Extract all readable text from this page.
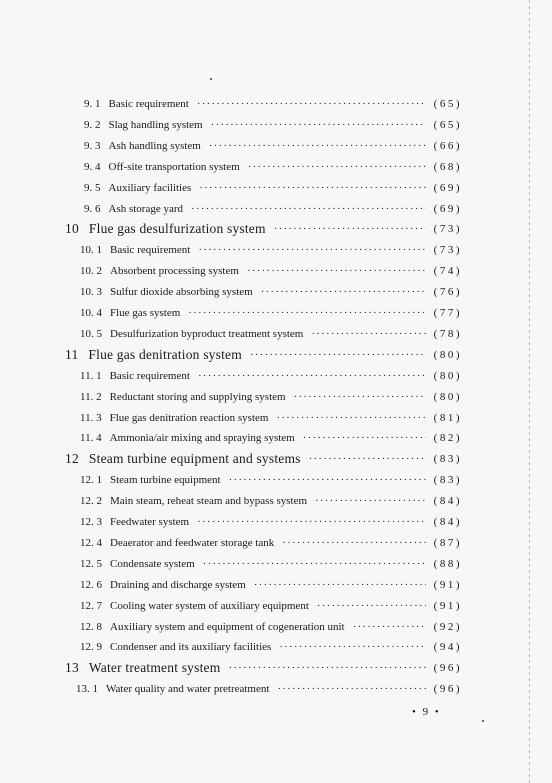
9. 1 Basic requirement ·····	(65)
9. 2 Slag handling system ·····	(65)
9. 3 Ash handling system ·····	(66)
9. 4 Off-site transportation system ·····	(68)
9. 5 Auxiliary facilities ·····	(69)
9. 6 Ash storage yard ·····	(69)
10 Flue gas desulfurization system ·····	(73)
10. 1 Basic requirement ·····	(73)
10. 2 Absorbent processing system ·····	(74)
10. 3 Sulfur dioxide absorbing system ·····	(76)
10. 4 Flue gas system ·····	(77)
10. 5 Desulfurization byproduct treatment system ·····	(78)
11 Flue gas denitration system ·····	(80)
11. 1 Basic requirement ·····	(80)
11. 2 Reductant storing and supplying system ·····	(80)
11. 3 Flue gas denitration reaction system ·····	(81)
11. 4 Ammonia/air mixing and spraying system ·····	(82)
12 Steam turbine equipment and systems ·····	(83)
12. 1 Steam turbine equipment ·····	(83)
12. 2 Main steam, reheat steam and bypass system ·····	(84)
12. 3 Feedwater system ·····	(84)
12. 4 Deaerator and feedwater storage tank ·····	(87)
12. 5 Condensate system ·····	(88)
12. 6 Draining and discharge system ·····	(91)
12. 7 Cooling water system of auxiliary equipment ·····	(91)
12. 8 Auxiliary system and equipment of cogeneration unit ·····	(92)
12. 9 Condenser and its auxiliary facilities ·····	(94)
13 Water treatment system ·····	(96)
13. 1 Water quality and water pretreatment ·····	(96)
• 9 •
